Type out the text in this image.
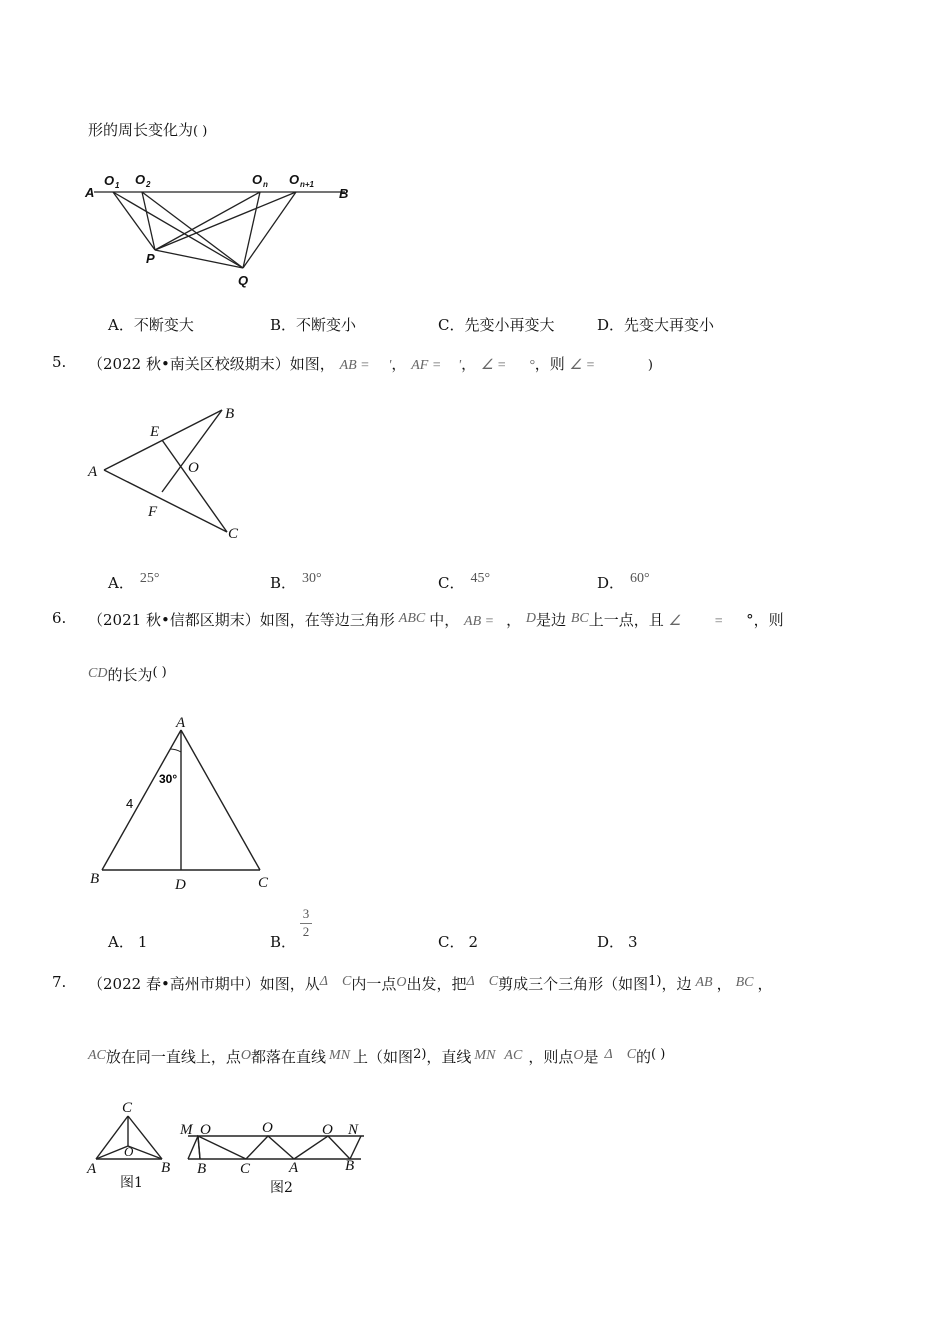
形的周长变化为( )
A
O 1 O 2	O n O n+1
B
P
Q
A．不断变大	B．不断变小	C．先变小再变大	D．先变大再变小
5. （2022 秋•南关区校级期末）如图， AB = '， AF = '， ∠ = °，则 ∠ =	)
A
B
C
E
F
O
A． 25°	B． 30°	C． 45°	D． 60°
6. （2021 秋•信都区期末）如图，在等边三角形 ABC 中， AB = ， D是边 BC上一点，且 ∠ = °，则
CD的长为( )
A
B	C
D
4
30°
A． 1	B．
3
2
C． 2	D． 3
7. （2022 春•高州市期中）如图，从Δ C内一点O出发，把Δ C剪成三个三角形（如图1)，边 AB ， BC ，
AC放在同一直线上，点O都落在直线 MN 上（如图2)，直线 MN AC ，则点O是 Δ C的( )
C
O
A	B
图1
M O	O	O N
B C	A	B
图2
